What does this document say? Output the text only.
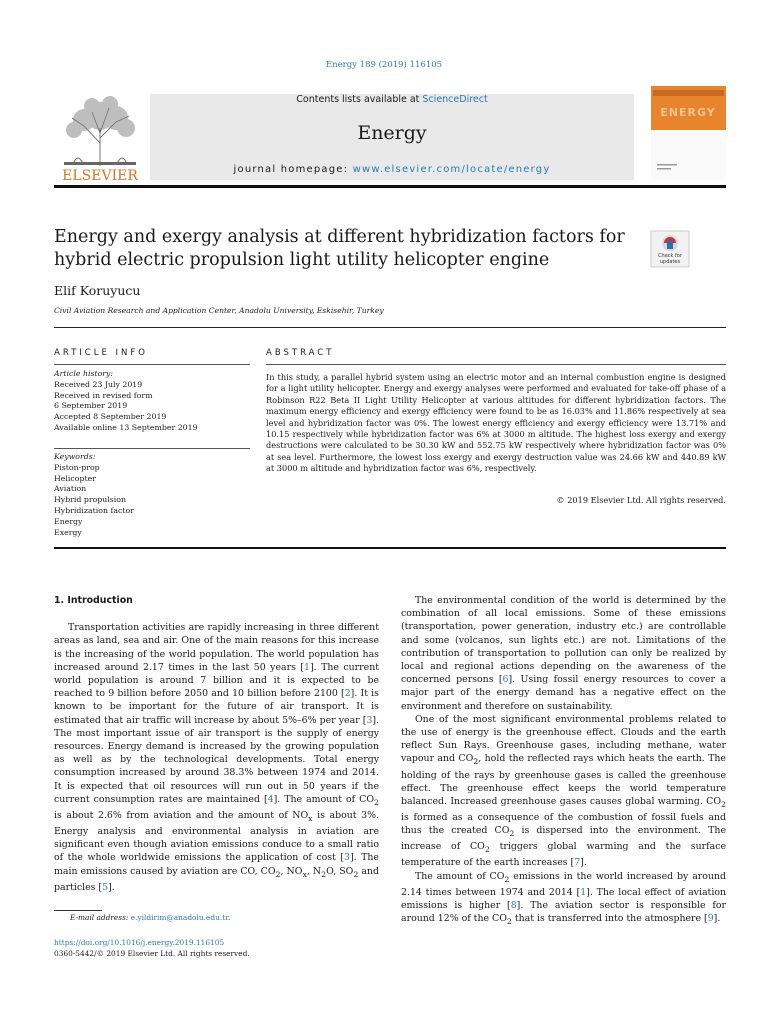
Energy 189 (2019) 116105
ELSEVIER
Contents lists available at ScienceDirect
Energy
journal homepage: www.elsevier.com/locate/energy
ENERGY
Energy and exergy analysis at different hybridization factors for hybrid electric propulsion light utility helicopter engine	Check for
updates
Elif Koruyucu
Civil Aviation Research and Application Center, Anadolu University, Eskisehir, Turkey
ARTICLE INFO	ABSTRACT
Article history:
Received 23 July 2019
Received in revised form
6 September 2019
Accepted 8 September 2019
Available online 13 September 2019
Keywords:
Piston-prop
Helicopter
Aviation
Hybrid propulsion
Hybridization factor
Energy
Exergy
In this study, a parallel hybrid system using an electric motor and an internal combustion engine is designed for a light utility helicopter. Energy and exergy analyses were performed and evaluated for take-off phase of a Robinson R22 Beta II Light Utility Helicopter at various altitudes for different hybridization factors. The maximum energy efficiency and exergy efficiency were found to be as 16.03% and 11.86% respectively at sea level and hybridization factor was 0%. The lowest energy efficiency and exergy efficiency were 13.71% and 10.15 respectively while hybridization factor was 6% at 3000 m altitude. The highest loss exergy and exergy destructions were calculated to be 30.30 kW and 552.75 kW respectively where hybridization factor was 0% at sea level. Furthermore, the lowest loss exergy and exergy destruction value was 24.66 kW and 440.89 kW at 3000 m altitude and hybridization factor was 6%, respectively.
© 2019 Elsevier Ltd. All rights reserved.

1. Introduction

Transportation activities are rapidly increasing in three different areas as land, sea and air. One of the main reasons for this increase is the increasing of the world population. The world population has increased around 2.17 times in the last 50 years [1]. The current world population is around 7 billion and it is expected to be reached to 9 billion before 2050 and 10 billion before 2100 [2]. It is known to be important for the future of air transport. It is estimated that air traffic will increase by about 5%–6% per year [3]. The most important issue of air transport is the supply of energy resources. Energy demand is increased by the growing population as well as by the technological developments. Total energy consumption increased by around 38.3% between 1974 and 2014. It is expected that oil resources will run out in 50 years if the current consumption rates are maintained [4]. The amount of $CO_2$ is about 2.6% from aviation and the amount of $NO_x$ is about 3%. Energy analysis and environmental analysis in aviation are significant even though aviation emissions conduce to a small ratio of the whole worldwide emissions the application of cost [3]. The main emissions caused by aviation are CO, $CO_2$, $NO_x$, $N_2O$, $SO_2$ and particles [5].

The environmental condition of the world is determined by the combination of all local emissions. Some of these emissions (transportation, power generation, industry etc.) are controllable and some (volcanos, sun lights etc.) are not. Limitations of the contribution of transportation to pollution can only be realized by local and regional actions depending on the awareness of the concerned persons [6]. Using fossil energy resources to cover a major part of the energy demand has a negative effect on the environment and therefore on sustainability.

One of the most significant environmental problems related to the use of energy is the greenhouse effect. Clouds and the earth reflect Sun Rays. Greenhouse gases, including methane, water vapour and $CO_2$, hold the reflected rays which heats the earth. The holding of the rays by greenhouse gases is called the greenhouse effect. The greenhouse effect keeps the world temperature balanced. Increased greenhouse gases causes global warming. $CO_2$ is formed as a consequence of the combustion of fossil fuels and thus the created $CO_2$ is dispersed into the environment. The increase of $CO_2$ triggers global warming and the surface temperature of the earth increases [7].

The amount of $CO_2$ emissions in the world increased by around 2.14 times between 1974 and 2014 [1]. The local effect of aviation emissions is higher [8]. The aviation sector is responsible for around 12% of the $CO_2$ that is transferred into the atmosphere [9].

E-mail address: e.yildirim@anadolu.edu.tr.
https://doi.org/10.1016/j.energy.2019.116105
0360-5442/© 2019 Elsevier Ltd. All rights reserved.
